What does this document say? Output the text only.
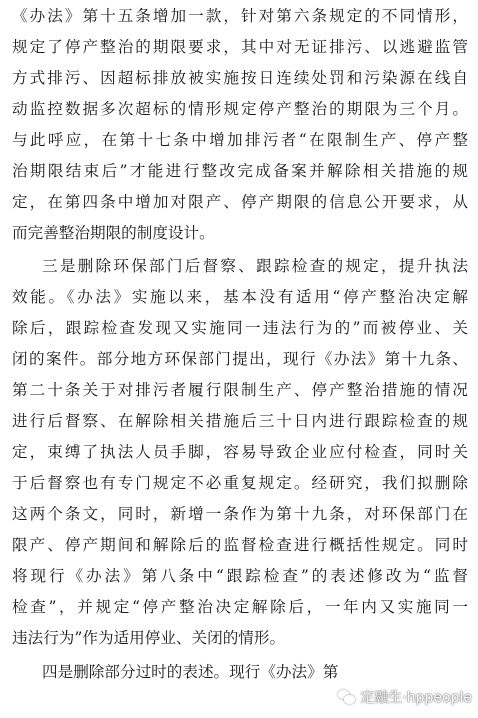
《办法》第十五条增加一款，针对第六条规定的不同情形，
规定了停产整治的期限要求，其中对无证排污、以逃避监管
方式排污、因超标排放被实施按日连续处罚和污染源在线自
动监控数据多次超标的情形规定停产整治的期限为三个月。
与此呼应，在第十七条中增加排污者“在限制生产、停产整
治期限结束后”才能进行整改完成备案并解除相关措施的规
定，在第四条中增加对限产、停产期限的信息公开要求，从
而完善整治期限的制度设计。
三是删除环保部门后督察、跟踪检查的规定，提升执法
效能。《办法》实施以来，基本没有适用“停产整治决定解
除后，跟踪检查发现又实施同一违法行为的”而被停业、关
闭的案件。部分地方环保部门提出，现行《办法》第十九条、
第二十条关于对排污者履行限制生产、停产整治措施的情况
进行后督察、在解除相关措施后三十日内进行跟踪检查的规
定，束缚了执法人员手脚，容易导致企业应付检查，同时关
于后督察也有专门规定不必重复规定。经研究，我们拟删除
这两个条文，同时，新增一条作为第十九条，对环保部门在
限产、停产期间和解除后的监督检查进行概括性规定。同时
将现行《办法》第八条中“跟踪检查”的表述修改为“监督
检查”，并规定“停产整治决定解除后，一年内又实施同一
违法行为”作为适用停业、关闭的情形。
四是删除部分过时的表述。现行《办法》第
定融生·hppeople
